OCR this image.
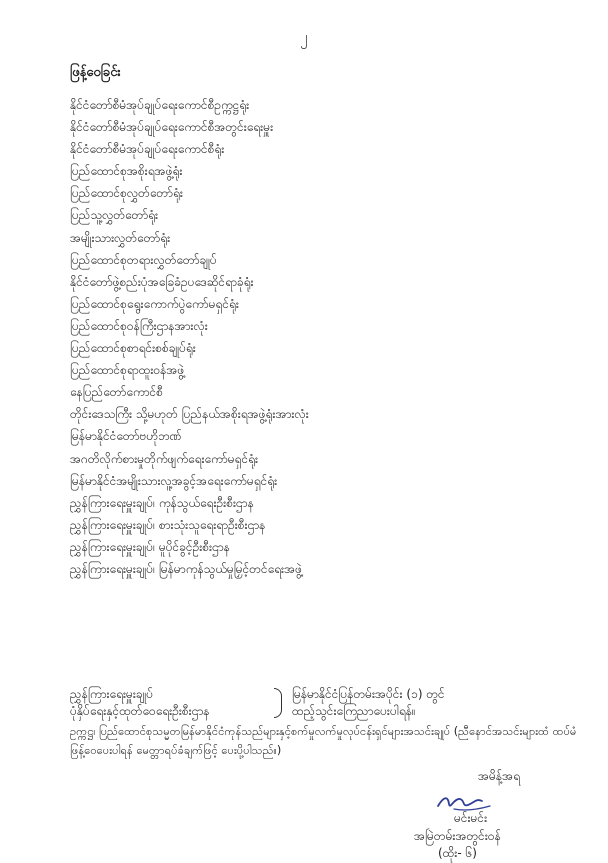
၂
ဖြန့်ဝေခြင်း
နိုင်ငံတော်စီမံအုပ်ချုပ်ရေးကောင်စီဥက္ကဋ္ဌရုံး
နိုင်ငံတော်စီမံအုပ်ချုပ်ရေးကောင်စီအတွင်းရေးမှူး
နိုင်ငံတော်စီမံအုပ်ချုပ်ရေးကောင်စီရုံး
ပြည်ထောင်စုအစိုးရအဖွဲ့ရုံး
ပြည်ထောင်စုလွှတ်တော်ရုံး
ပြည်သူ့လွှတ်တော်ရုံး
အမျိုးသားလွှတ်တော်ရုံး
ပြည်ထောင်စုတရားလွှတ်တော်ချုပ်
နိုင်ငံတော်ဖွဲ့စည်းပုံအခြေခံဥပဒေဆိုင်ရာခုံရုံး
ပြည်ထောင်စုရွေးကောက်ပွဲကော်မရှင်ရုံး
ပြည်ထောင်စုဝန်ကြီးဌာနအားလုံး
ပြည်ထောင်စုစာရင်းစစ်ချုပ်ရုံး
ပြည်ထောင်စုရာထူးဝန်အဖွဲ့
နေပြည်တော်ကောင်စီ
တိုင်းဒေသကြီး သို့မဟုတ် ပြည်နယ်အစိုးရအဖွဲ့ရုံးအားလုံး
မြန်မာနိုင်ငံတော်ဗဟိုဘဏ်
အဂတိလိုက်စားမှုတိုက်ဖျက်ရေးကော်မရှင်ရုံး
မြန်မာနိုင်ငံအမျိုးသားလူ့အခွင့်အရေးကော်မရှင်ရုံး
ညွှန်ကြားရေးမှူးချုပ်၊ ကုန်သွယ်ရေးဦးစီးဌာန
ညွှန်ကြားရေးမှူးချုပ်၊ စားသုံးသူရေးရာဦးစီးဌာန
ညွှန်ကြားရေးမှူးချုပ်၊ မူပိုင်ခွင့်ဦးစီးဌာန
ညွှန်ကြားရေးမှူးချုပ်၊ မြန်မာကုန်သွယ်မှုမြှင့်တင်ရေးအဖွဲ့
ညွှန်ကြားရေးမှူးချုပ်
ပုံနှိပ်ရေးနှင့်ထုတ်ဝေရေးဦးစီးဌာန
မြန်မာနိုင်ငံပြန်တမ်းအပိုင်း (၁) တွင်
ထည့်သွင်းကြေညာပေးပါရန်။
ဥက္ကဋ္ဌ၊ ပြည်ထောင်စုသမ္မတမြန်မာနိုင်ငံကုန်သည်များနှင့်စက်မှုလက်မှုလုပ်ငန်းရှင်များအသင်းချုပ် (ညီနောင်အသင်းများထံ ထပ်မံဖြန့်ဝေပေးပါရန် မေတ္တာရပ်ခံချက်ဖြင့် ပေးပို့ပါသည်။)
အမိန့်အရ
မင်းမင်း
အမြဲတမ်းအတွင်းဝန်
(ထိုး- ၆)
